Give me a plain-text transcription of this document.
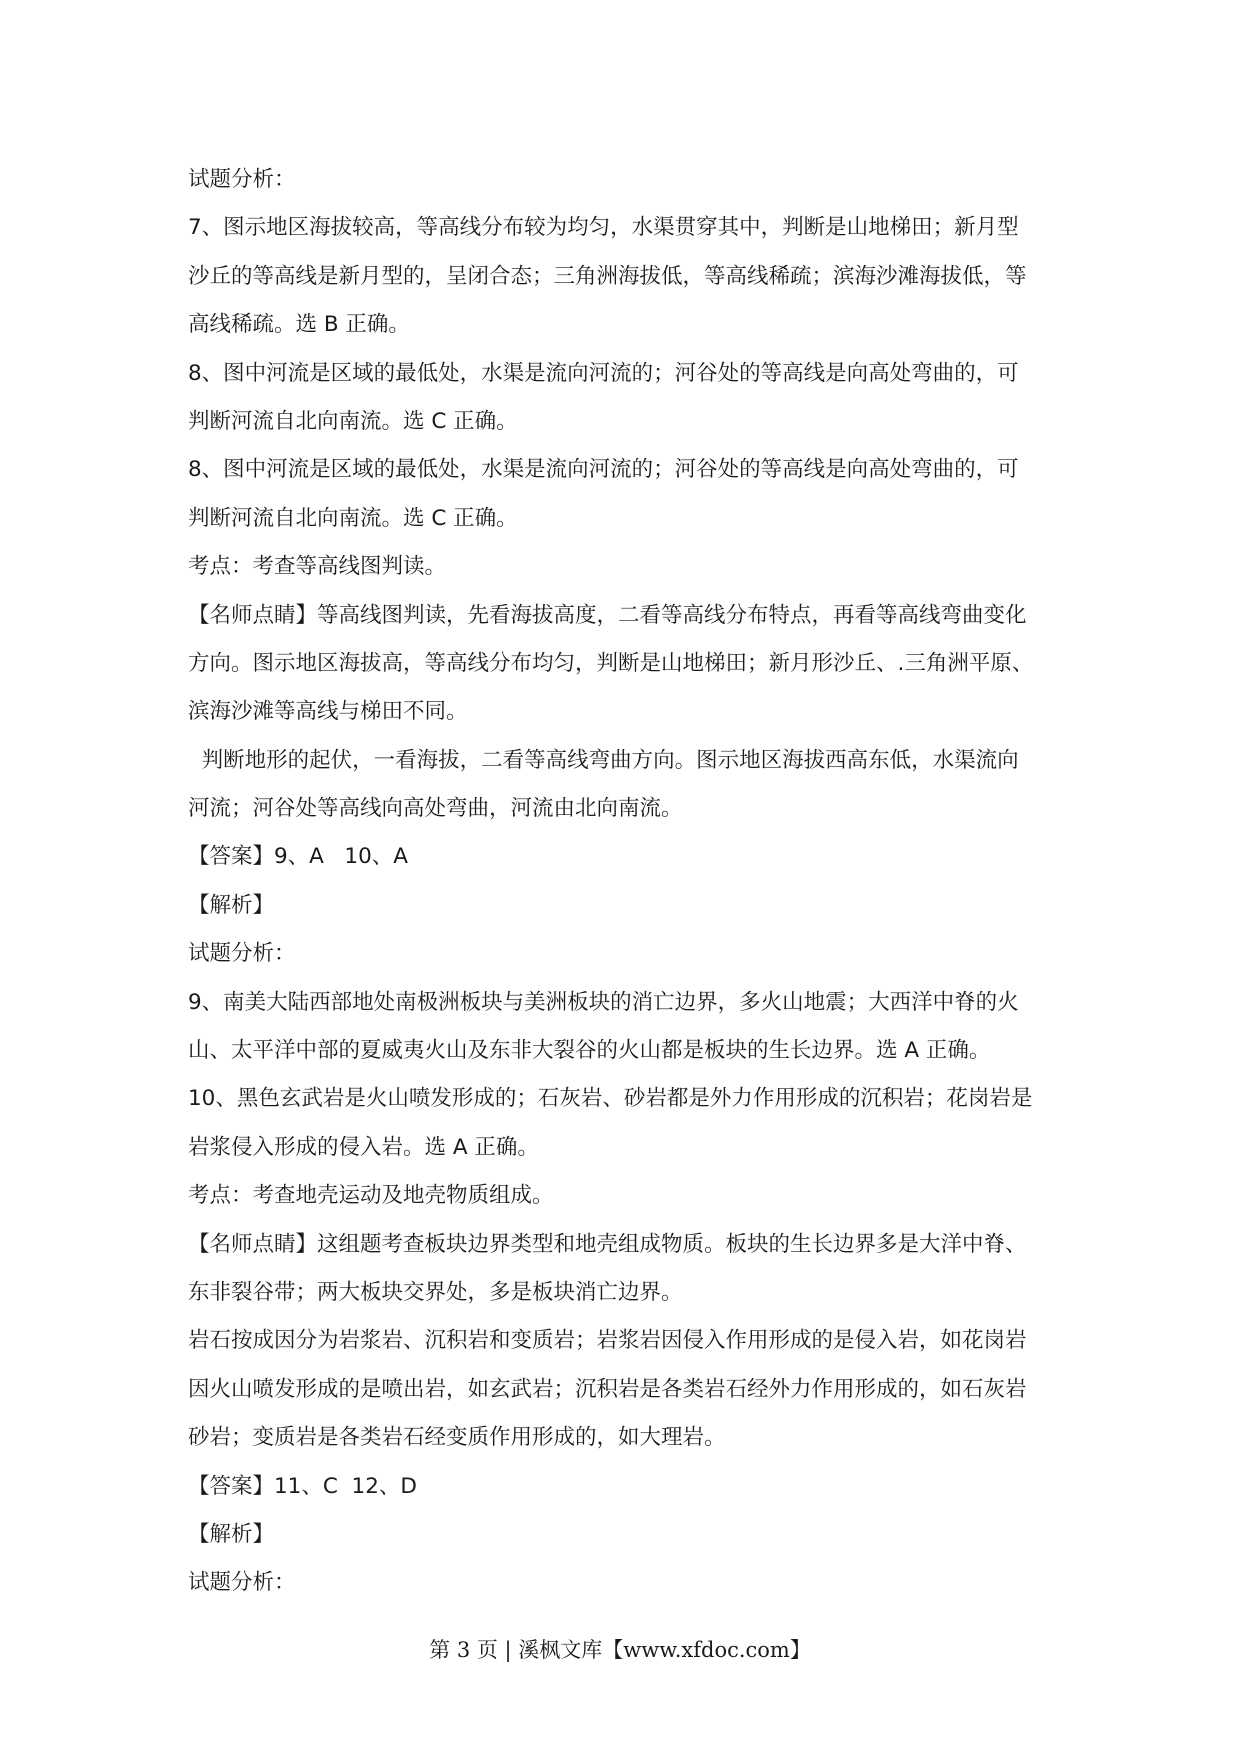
试题分析：
7、图示地区海拔较高，等高线分布较为均匀，水渠贯穿其中，判断是山地梯田；新月型
沙丘的等高线是新月型的，呈闭合态；三角洲海拔低，等高线稀疏；滨海沙滩海拔低，等
高线稀疏。选 B 正确。
8、图中河流是区域的最低处，水渠是流向河流的；河谷处的等高线是向高处弯曲的，可
判断河流自北向南流。选 C 正确。
8、图中河流是区域的最低处，水渠是流向河流的；河谷处的等高线是向高处弯曲的，可
判断河流自北向南流。选 C 正确。
考点：考查等高线图判读。
【名师点睛】等高线图判读，先看海拔高度，二看等高线分布特点，再看等高线弯曲变化
方向。图示地区海拔高，等高线分布均匀，判断是山地梯田；新月形沙丘、.三角洲平原、
滨海沙滩等高线与梯田不同。
判断地形的起伏，一看海拔，二看等高线弯曲方向。图示地区海拔西高东低，水渠流向
河流；河谷处等高线向高处弯曲，河流由北向南流。
【答案】9、A   10、A
【解析】
试题分析：
9、南美大陆西部地处南极洲板块与美洲板块的消亡边界，多火山地震；大西洋中脊的火
山、太平洋中部的夏威夷火山及东非大裂谷的火山都是板块的生长边界。选 A 正确。
10、黑色玄武岩是火山喷发形成的；石灰岩、砂岩都是外力作用形成的沉积岩；花岗岩是
岩浆侵入形成的侵入岩。选 A 正确。
考点：考查地壳运动及地壳物质组成。
【名师点睛】这组题考查板块边界类型和地壳组成物质。板块的生长边界多是大洋中脊、
东非裂谷带；两大板块交界处，多是板块消亡边界。
岩石按成因分为岩浆岩、沉积岩和变质岩；岩浆岩因侵入作用形成的是侵入岩，如花岗岩
因火山喷发形成的是喷出岩，如玄武岩；沉积岩是各类岩石经外力作用形成的，如石灰岩
砂岩；变质岩是各类岩石经变质作用形成的，如大理岩。
【答案】11、C  12、D
【解析】
试题分析：
第 3 页 | 溪枫文库【www.xfdoc.com】
